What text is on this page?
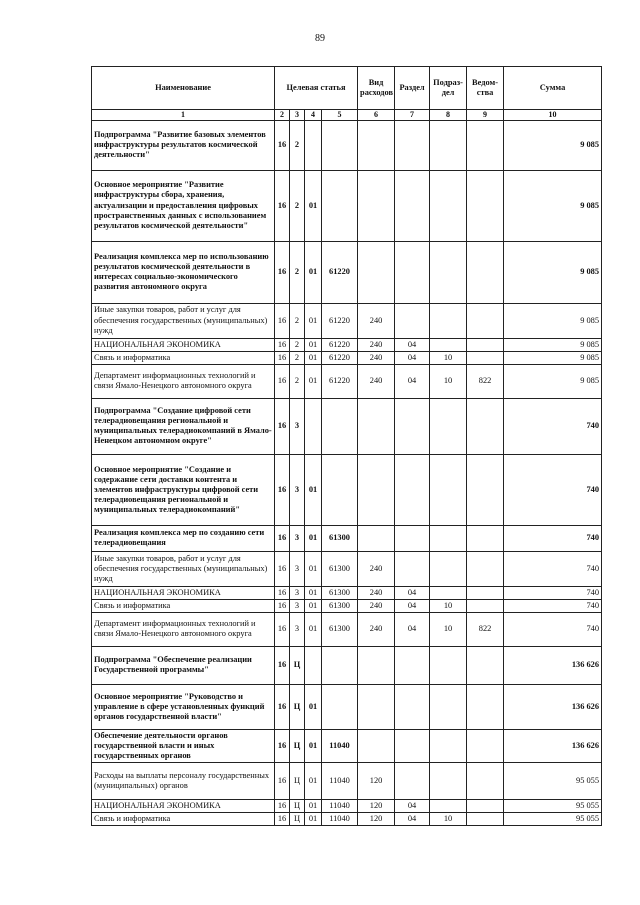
89
Наименование	Целевая статья				Вид расходов	Раздел	Подраз-дел	Ведом-ства	Сумма
1	2	3	4	5	6	7	8	9	10
Подпрограмма "Развитие базовых элементов инфраструктуры результатов космической деятельности"	16	2							9 085
Основное мероприятие "Развитие инфраструктуры сбора, хранения, актуализации и предоставления цифровых пространственных данных с использованием результатов космической деятельности"	16	2	01						9 085
Реализация комплекса мер по использованию результатов космической деятельности в интересах социально-экономического развития автономного округа	16	2	01	61220					9 085
Иные закупки товаров, работ и услуг для обеспечения государственных (муниципальных) нужд	16	2	01	61220	240				9 085
НАЦИОНАЛЬНАЯ ЭКОНОМИКА	16	2	01	61220	240	04			9 085
Связь и информатика	16	2	01	61220	240	04	10		9 085
Департамент информационных технологий и связи Ямало-Ненецкого автономного округа	16	2	01	61220	240	04	10	822	9 085
Подпрограмма "Создание цифровой сети телерадиовещания региональной и муниципальных телерадиокомпаний в Ямало-Ненецком автономном округе"	16	3							740
Основное мероприятие "Создание и содержание сети доставки контента и элементов инфраструктуры цифровой сети телерадиовещания региональной и муниципальных телерадиокомпаний"	16	3	01						740
Реализация комплекса мер по созданию сети телерадиовещания	16	3	01	61300					740
Иные закупки товаров, работ и услуг для обеспечения государственных (муниципальных) нужд	16	3	01	61300	240				740
НАЦИОНАЛЬНАЯ ЭКОНОМИКА	16	3	01	61300	240	04			740
Связь и информатика	16	3	01	61300	240	04	10		740
Департамент информационных технологий и связи Ямало-Ненецкого автономного округа	16	3	01	61300	240	04	10	822	740
Подпрограмма "Обеспечение реализации Государственной программы"	16	Ц							136 626
Основное мероприятие "Руководство и управление в сфере установленных функций органов государственной власти"	16	Ц	01						136 626
Обеспечение деятельности органов государственной власти и иных государственных органов	16	Ц	01	11040					136 626
Расходы на выплаты персоналу государственных (муниципальных) органов	16	Ц	01	11040	120				95 055
НАЦИОНАЛЬНАЯ ЭКОНОМИКА	16	Ц	01	11040	120	04			95 055
Связь и информатика	16	Ц	01	11040	120	04	10		95 055
